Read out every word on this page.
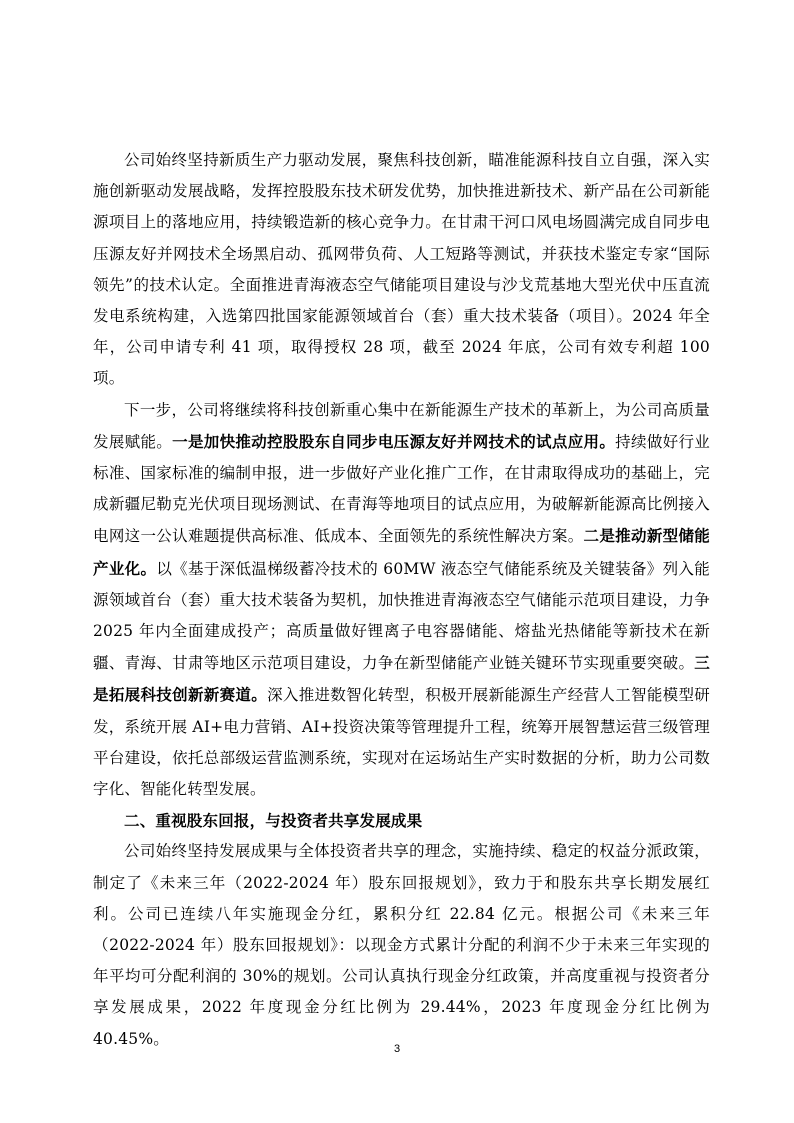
公司始终坚持新质生产力驱动发展，聚焦科技创新，瞄准能源科技自立自强，深入实施创新驱动发展战略，发挥控股股东技术研发优势，加快推进新技术、新产品在公司新能源项目上的落地应用，持续锻造新的核心竞争力。在甘肃干河口风电场圆满完成自同步电压源友好并网技术全场黑启动、孤网带负荷、人工短路等测试，并获技术鉴定专家“国际领先”的技术认定。全面推进青海液态空气储能项目建设与沙戈荒基地大型光伏中压直流发电系统构建，入选第四批国家能源领域首台（套）重大技术装备（项目）。2024 年全年，公司申请专利 41 项，取得授权 28 项，截至 2024 年底，公司有效专利超 100 项。

下一步，公司将继续将科技创新重心集中在新能源生产技术的革新上，为公司高质量发展赋能。一是加快推动控股股东自同步电压源友好并网技术的试点应用。持续做好行业标准、国家标准的编制申报，进一步做好产业化推广工作，在甘肃取得成功的基础上，完成新疆尼勒克光伏项目现场测试、在青海等地项目的试点应用，为破解新能源高比例接入电网这一公认难题提供高标准、低成本、全面领先的系统性解决方案。二是推动新型储能产业化。以《基于深低温梯级蓄冷技术的 60MW 液态空气储能系统及关键装备》列入能源领域首台（套）重大技术装备为契机，加快推进青海液态空气储能示范项目建设，力争 2025 年内全面建成投产；高质量做好锂离子电容器储能、熔盐光热储能等新技术在新疆、青海、甘肃等地区示范项目建设，力争在新型储能产业链关键环节实现重要突破。三是拓展科技创新新赛道。深入推进数智化转型，积极开展新能源生产经营人工智能模型研发，系统开展 AI+电力营销、AI+投资决策等管理提升工程，统筹开展智慧运营三级管理平台建设，依托总部级运营监测系统，实现对在运场站生产实时数据的分析，助力公司数字化、智能化转型发展。

二、重视股东回报，与投资者共享发展成果

公司始终坚持发展成果与全体投资者共享的理念，实施持续、稳定的权益分派政策，制定了《未来三年（2022-2024 年）股东回报规划》，致力于和股东共享长期发展红利。公司已连续八年实施现金分红，累积分红 22.84 亿元。根据公司《未来三年（2022-2024 年）股东回报规划》：以现金方式累计分配的利润不少于未来三年实现的年平均可分配利润的 30%的规划。公司认真执行现金分红政策，并高度重视与投资者分享发展成果，2022 年度现金分红比例为 29.44%，2023 年度现金分红比例为 40.45%。

3
